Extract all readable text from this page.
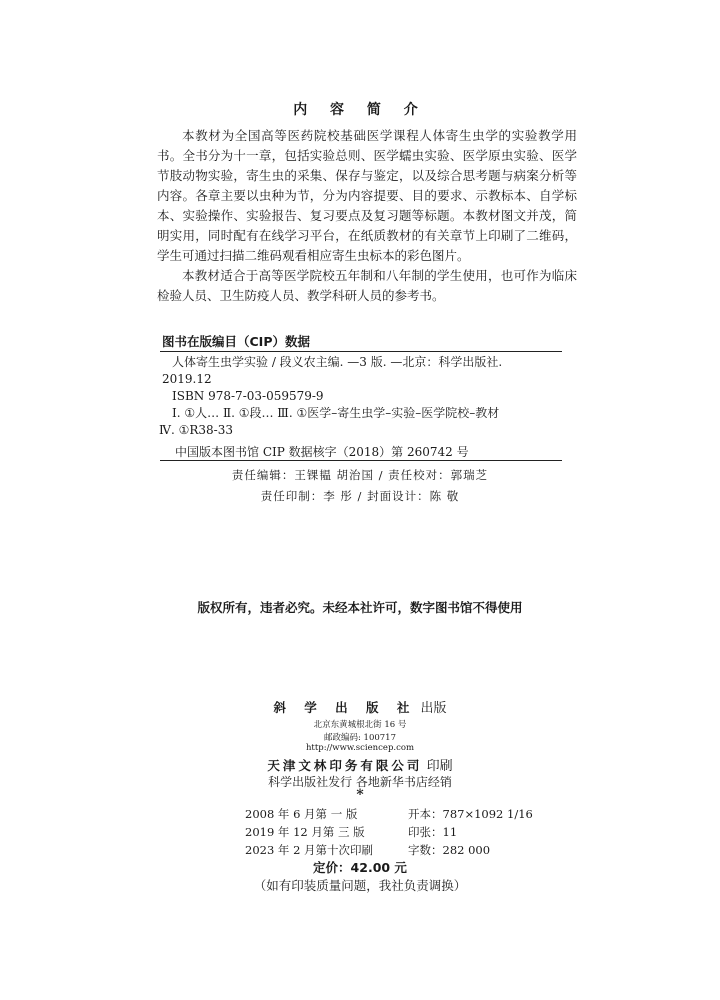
内 容 简 介

本教材为全国高等医药院校基础医学课程人体寄生虫学的实验教学用书。全书分为十一章，包括实验总则、医学蠕虫实验、医学原虫实验、医学节肢动物实验，寄生虫的采集、保存与鉴定，以及综合思考题与病案分析等内容。各章主要以虫种为节，分为内容提要、目的要求、示教标本、自学标本、实验操作、实验报告、复习要点及复习题等标题。本教材图文并茂，简明实用，同时配有在线学习平台，在纸质教材的有关章节上印刷了二维码，学生可通过扫描二维码观看相应寄生虫标本的彩色图片。

本教材适合于高等医学院校五年制和八年制的学生使用，也可作为临床检验人员、卫生防疫人员、教学科研人员的参考书。

图书在版编目（CIP）数据
人体寄生虫学实验 / 段义农主编. —3 版. —北京：科学出版社.
2019.12
ISBN 978-7-03-059579-9
Ⅰ. ①人… Ⅱ. ①段… Ⅲ. ①医学–寄生虫学–实验–医学院校–教材
Ⅳ. ①R38-33
中国版本图书馆 CIP 数据核字（2018）第 260742 号
责任编辑：王锞韫 胡治国 / 责任校对：郭瑞芝
责任印制：李 彤 / 封面设计：陈 敬
版权所有，违者必究。未经本社许可，数字图书馆不得使用
斜 学 出 版 社 出版
北京东黄城根北街 16 号
邮政编码: 100717
http://www.sciencep.com
天津文林印务有限公司 印刷
科学出版社发行 各地新华书店经销
*
2008 年 6 月第 一 版
2019 年 12 月第 三 版
2023 年 2 月第十次印刷
开本：787×1092 1/16
印张：11
字数：282 000
定价：42.00 元
（如有印装质量问题，我社负责调换）
